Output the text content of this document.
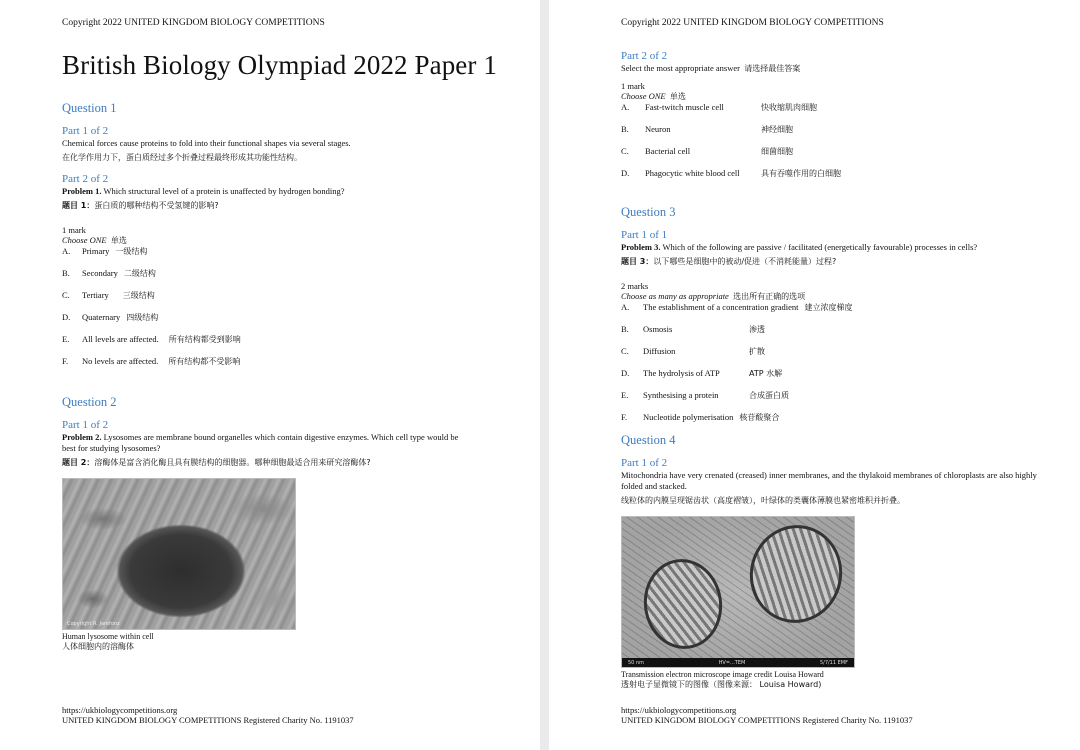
Copyright 2022 UNITED KINGDOM BIOLOGY COMPETITIONS

British Biology Olympiad 2022 Paper 1
Question 1
Part 1 of 2

Chemical forces cause proteins to fold into their functional shapes via several stages.

在化学作用力下，蛋白质经过多个折叠过程最终形成其功能性结构。

Part 2 of 2

Problem 1. Which structural level of a protein is unaffected by hydrogen bonding?

题目 1：蛋白质的哪种结构不受氢键的影响?

1 mark

Choose ONE 单选

A.	Primary 一级结构
B.	Secondary 二级结构
C.	Tertiary 三级结构
D.	Quaternary 四级结构
E.	All levels are affected. 所有结构都受到影响
F.	No levels are affected. 所有结构都不受影响
Question 2
Part 1 of 2

Problem 2. Lysosomes are membrane bound organelles which contain digestive enzymes. Which cell type would be best for studying lysosomes?

题目 2：溶酶体是富含消化酶且具有膜结构的细胞器。哪种细胞最适合用来研究溶酶体?

Copyright R. Jarefonz

Human lysosome within cell

人体细胞内的溶酶体

https://ukbiologycompetitions.org
UNITED KINGDOM BIOLOGY COMPETITIONS Registered Charity No. 1191037

Copyright 2022 UNITED KINGDOM BIOLOGY COMPETITIONS

Part 2 of 2

Select the most appropriate answer 请选择最佳答案

1 mark

Choose ONE 单选

A.	Fast-twitch muscle cell	快收缩肌肉细胞
B.	Neuron	神经细胞
C.	Bacterial cell	细菌细胞
D.	Phagocytic white blood cell	具有吞噬作用的白细胞
Question 3
Part 1 of 1

Problem 3. Which of the following are passive / facilitated (energetically favourable) processes in cells?

题目 3：以下哪些是细胞中的被动/促进（不消耗能量）过程?

2 marks

Choose as many as appropriate 选出所有正确的选项

A.	The establishment of a concentration gradient 建立浓度梯度
B.	Osmosis	渗透
C.	Diffusion	扩散
D.	The hydrolysis of ATP	ATP 水解
E.	Synthesising a protein	合成蛋白质
F.	Nucleotide polymerisation 核苷酸聚合
Question 4
Part 1 of 2

Mitochondria have very crenated (creased) inner membranes, and the thylakoid membranes of chloroplasts are also highly folded and stacked.

线粒体的内膜呈现锯齿状（高度褶皱），叶绿体的类囊体薄膜也紧密堆积并折叠。

50 nm	HV=...TEM	5/7/11 EMF

Transmission electron microscope image credit Louisa Howard

透射电子显微镜下的图像（图像来源： Louisa Howard)

https://ukbiologycompetitions.org
UNITED KINGDOM BIOLOGY COMPETITIONS Registered Charity No. 1191037
